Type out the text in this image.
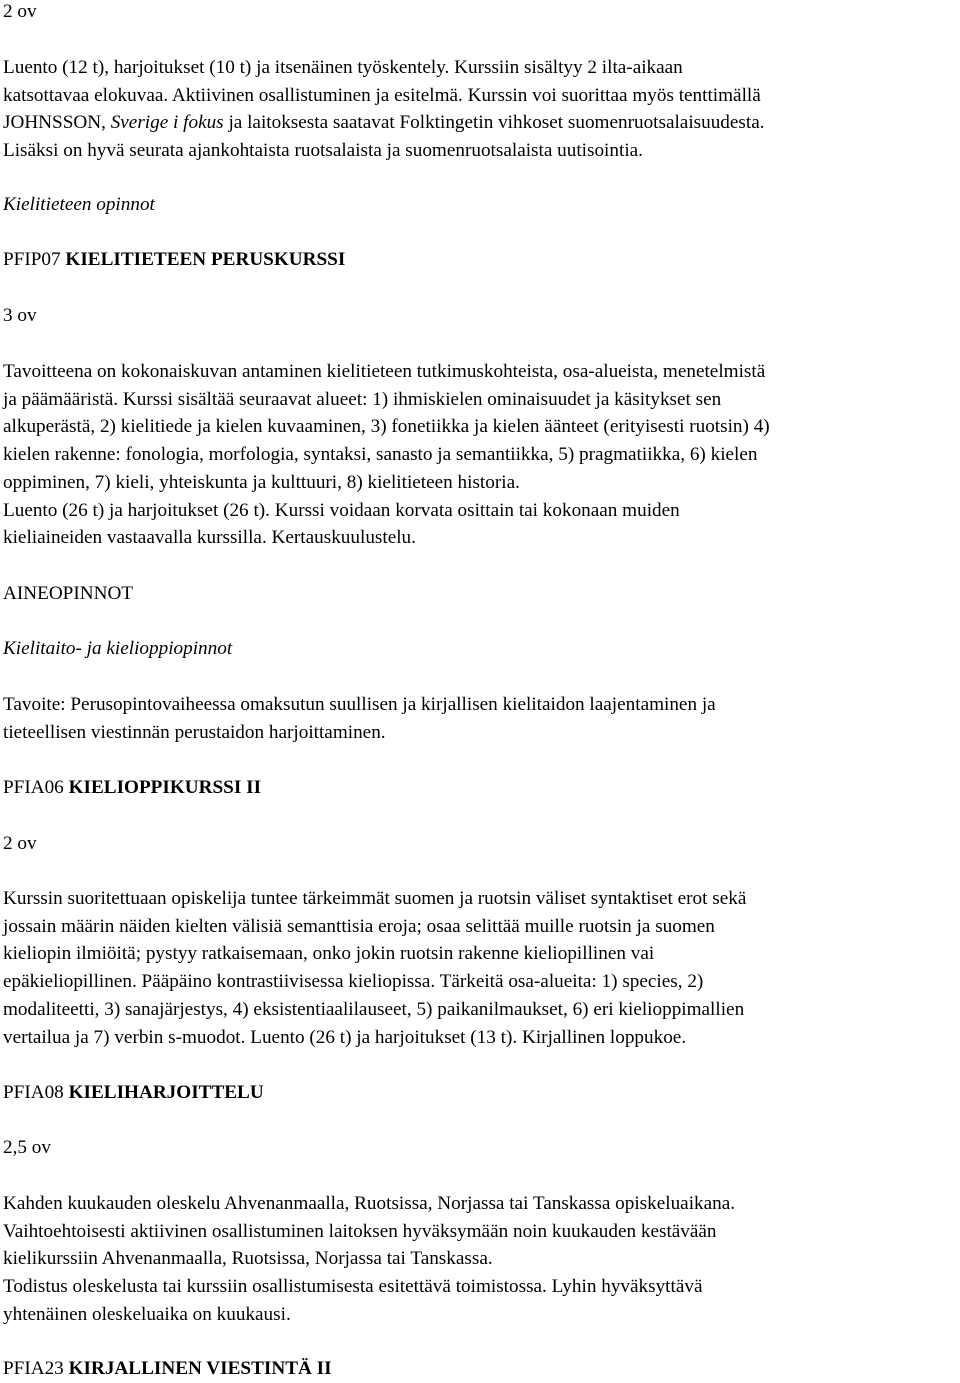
2 ov

Luento (12 t), harjoitukset (10 t) ja itsenäinen työskentely. Kurssiin sisältyy 2 ilta-aikaan
katsottavaa elokuvaa. Aktiivinen osallistuminen ja esitelmä. Kurssin voi suorittaa myös tenttimällä
JOHNSSON, Sverige i fokus ja laitoksesta saatavat Folktingetin vihkoset suomenruotsalaisuudesta.
Lisäksi on hyvä seurata ajankohtaista ruotsalaista ja suomenruotsalaista uutisointia.

Kielitieteen opinnot

PFIP07 KIELITIETEEN PERUSKURSSI

3 ov

Tavoitteena on kokonaiskuvan antaminen kielitieteen tutkimuskohteista, osa-alueista, menetelmistä
ja päämääristä. Kurssi sisältää seuraavat alueet: 1) ihmiskielen ominaisuudet ja käsitykset sen
alkuperästä, 2) kielitiede ja kielen kuvaaminen, 3) fonetiikka ja kielen äänteet (erityisesti ruotsin) 4)
kielen rakenne: fonologia, morfologia, syntaksi, sanasto ja semantiikka, 5) pragmatiikka, 6) kielen
oppiminen, 7) kieli, yhteiskunta ja kulttuuri, 8) kielitieteen historia.
Luento (26 t) ja harjoitukset (26 t). Kurssi voidaan korvata osittain tai kokonaan muiden
kieliaineiden vastaavalla kurssilla. Kertauskuulustelu.

AINEOPINNOT

Kielitaito- ja kielioppiopinnot

Tavoite: Perusopintovaiheessa omaksutun suullisen ja kirjallisen kielitaidon laajentaminen ja
tieteellisen viestinnän perustaidon harjoittaminen.

PFIA06 KIELIOPPIKURSSI II

2 ov

Kurssin suoritettuaan opiskelija tuntee tärkeimmät suomen ja ruotsin väliset syntaktiset erot sekä
jossain määrin näiden kielten välisiä semanttisia eroja; osaa selittää muille ruotsin ja suomen
kieliopin ilmiöitä; pystyy ratkaisemaan, onko jokin ruotsin rakenne kieliopillinen vai
epäkieliopillinen. Pääpäino kontrastiivisessa kieliopissa. Tärkeitä osa-alueita: 1) species, 2)
modaliteetti, 3) sanajärjestys, 4) eksistentiaalilauseet, 5) paikanilmaukset, 6) eri kielioppimallien
vertailua ja 7) verbin s-muodot. Luento (26 t) ja harjoitukset (13 t). Kirjallinen loppukoe.

PFIA08 KIELIHARJOITTELU

2,5 ov

Kahden kuukauden oleskelu Ahvenanmaalla, Ruotsissa, Norjassa tai Tanskassa opiskeluaikana.
Vaihtoehtoisesti aktiivinen osallistuminen laitoksen hyväksymään noin kuukauden kestävään
kielikurssiin Ahvenanmaalla, Ruotsissa, Norjassa tai Tanskassa.
Todistus oleskelusta tai kurssiin osallistumisesta esitettävä toimistossa. Lyhin hyväksyttävä
yhtenäinen oleskeluaika on kuukausi.

PFIA23 KIRJALLINEN VIESTINTÄ II
